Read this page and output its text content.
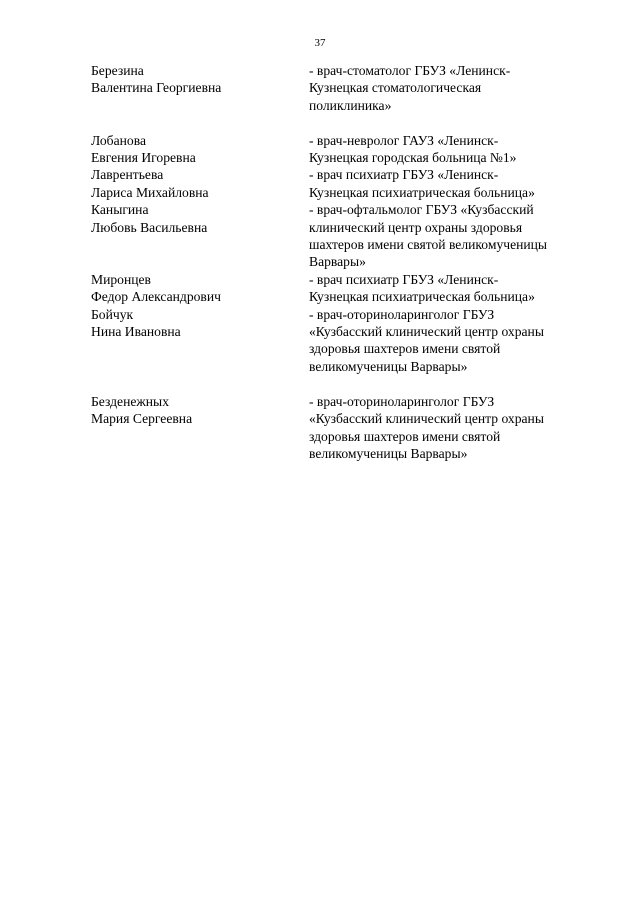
37
Березина
Валентина Георгиевна
- врач-стоматолог ГБУЗ «Ленинск-
Кузнецкая стоматологическая
поликлиника»
Лобанова
Евгения Игоревна
- врач-невролог ГАУЗ «Ленинск-
Кузнецкая городская больница №1»
Лаврентьева
Лариса Михайловна
- врач психиатр ГБУЗ «Ленинск-
Кузнецкая психиатрическая больница»
Каныгина
Любовь Васильевна
- врач-офтальмолог ГБУЗ «Кузбасский
клинический центр охраны здоровья
шахтеров имени святой великомученицы
Варвары»
Миронцев
Федор Александрович
- врач психиатр ГБУЗ «Ленинск-
Кузнецкая психиатрическая больница»
Бойчук
Нина Ивановна
- врач-оториноларинголог ГБУЗ
«Кузбасский клинический центр охраны
здоровья шахтеров имени святой
великомученицы Варвары»
Безденежных
Мария Сергеевна
- врач-оториноларинголог ГБУЗ
«Кузбасский клинический центр охраны
здоровья шахтеров имени святой
великомученицы Варвары»
